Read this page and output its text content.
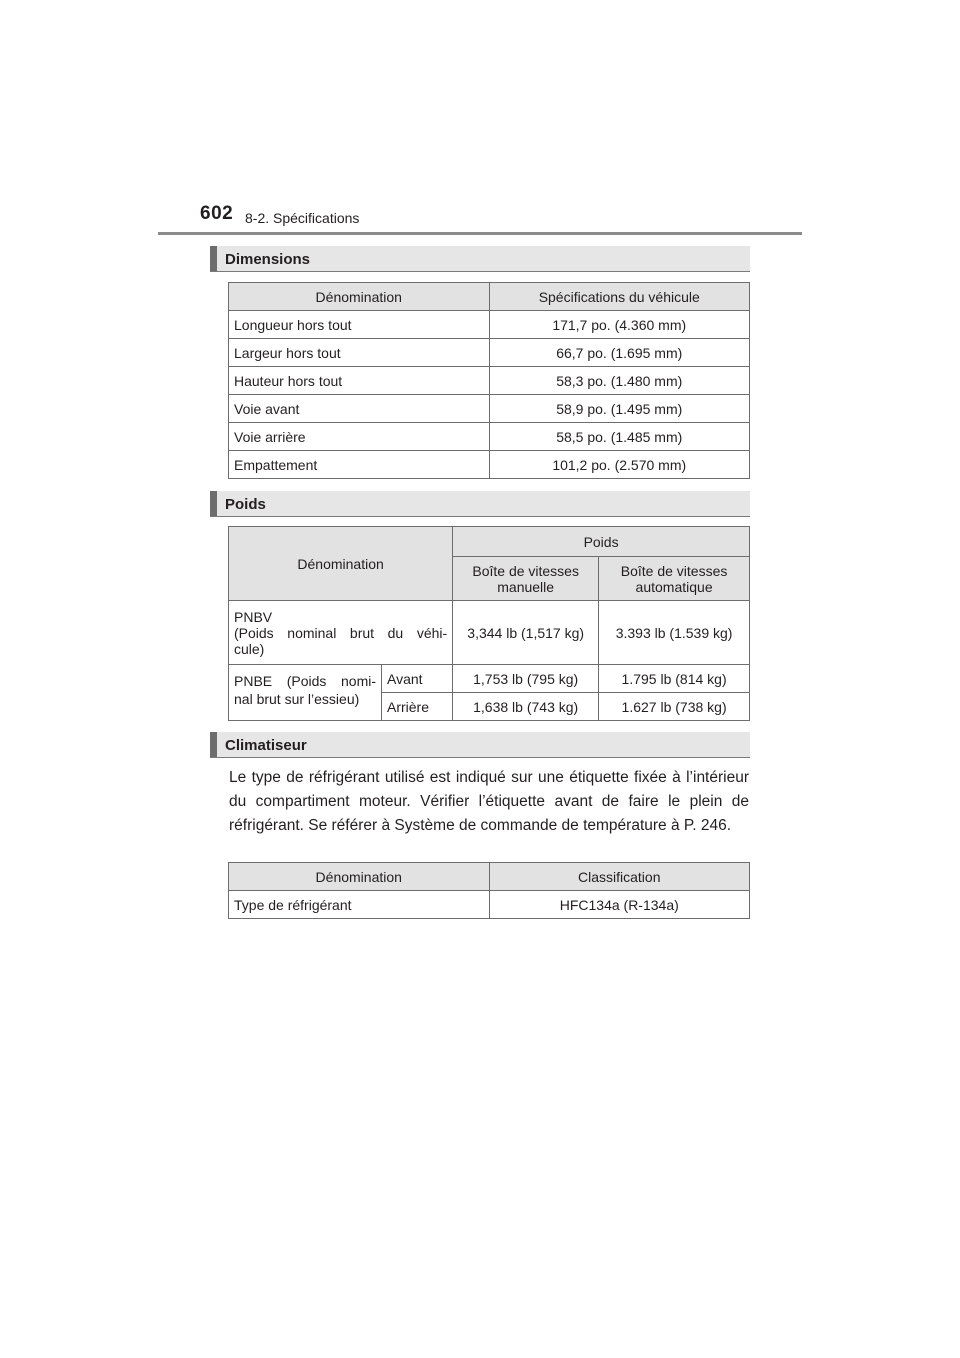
602 8-2. Spécifications
Dimensions
Dénomination	Spécifications du véhicule
Longueur hors tout	171,7 po. (4.360 mm)
Largeur hors tout	66,7 po. (1.695 mm)
Hauteur hors tout	58,3 po. (1.480 mm)
Voie avant	58,9 po. (1.495 mm)
Voie arrière	58,5 po. (1.485 mm)
Empattement	101,2 po. (2.570 mm)
Poids
Dénomination		Poids	
		Boîte de vitesses manuelle	Boîte de vitesses automatique

PNBV
(Poids nominal brut du véhi-
cule)		3,344 lb (1,517 kg)	3.393 lb (1.539 kg)

PNBE (Poids nomi-
nal brut sur l’essieu)	Avant	1,753 lb (795 kg)	1.795 lb (814 kg)
	Arrière	1,638 lb (743 kg)	1.627 lb (738 kg)
Climatiseur
Le type de réfrigérant utilisé est indiqué sur une étiquette fixée à l’intérieur du compartiment moteur. Vérifier l’étiquette avant de faire le plein de réfrigérant. Se référer à Système de commande de température à P. 246.
Dénomination	Classification
Type de réfrigérant	HFC134a (R-134a)
